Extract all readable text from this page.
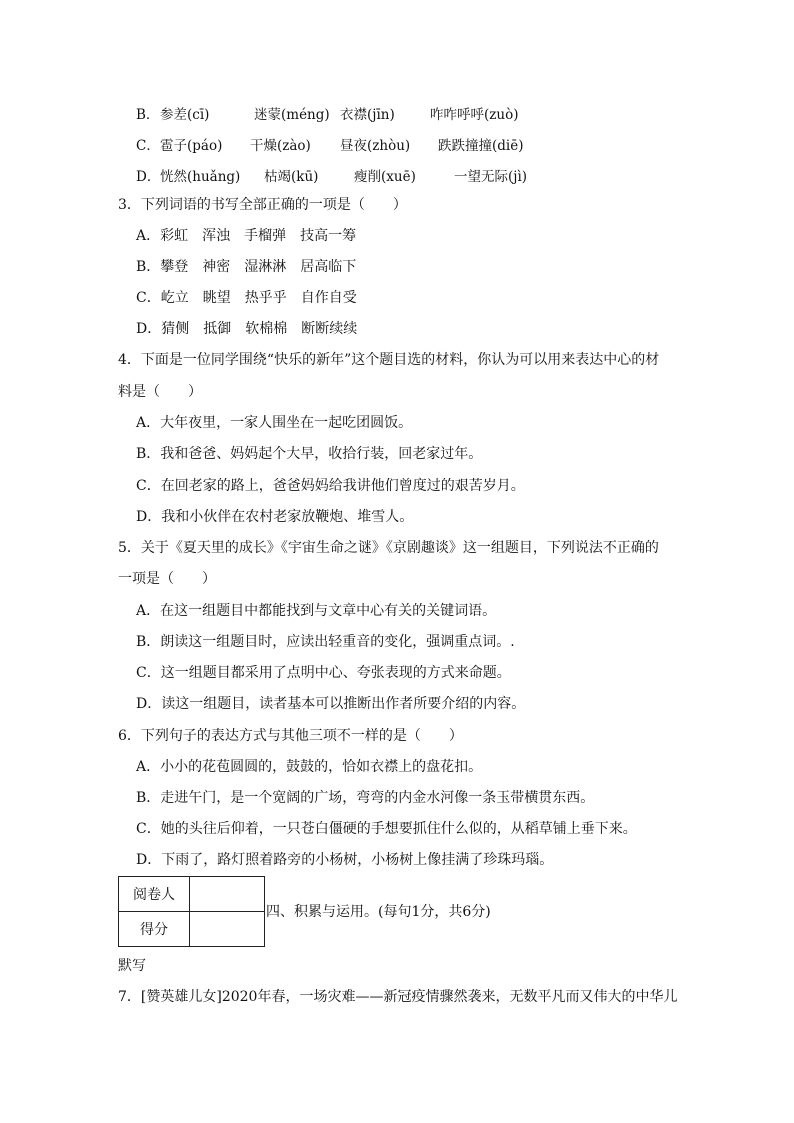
B． 参差(cī)	迷蒙(méng) 衣襟(jīn)	咋咋呼呼(zuò)
C． 雹子(páo) 干燥(zào) 昼夜(zhòu) 跌跌撞撞(diē)
D． 恍然(huǎng) 枯竭(kū)	瘦削(xuē)	一望无际(jì)
3．下列词语的书写全部正确的一项是（　　）
A．彩虹　浑浊　手榴弹　技高一筹
B．攀登　神密　湿淋淋　居高临下
C．屹立　眺望　热乎乎　自作自受
D．猜侧　抵御　软棉棉　断断续续
4．下面是一位同学围绕“快乐的新年”这个题目选的材料，你认为可以用来表达中心的材
料是（　　）
A．大年夜里，一家人围坐在一起吃团圆饭。
B．我和爸爸、妈妈起个大早，收拾行装，回老家过年。
C．在回老家的路上，爸爸妈妈给我讲他们曾度过的艰苦岁月。
D．我和小伙伴在农村老家放鞭炮、堆雪人。
5．关于《夏天里的成长》《宇宙生命之谜》《京剧趣谈》这一组题目，下列说法不正确的
一项是（　　）
A．在这一组题目中都能找到与文章中心有关的关键词语。
B．朗读这一组题目时，应读出轻重音的变化，强调重点词。.
C．这一组题目都采用了点明中心、夸张表现的方式来命题。
D．读这一组题目，读者基本可以推断出作者所要介绍的内容。
6．下列句子的表达方式与其他三项不一样的是（　　）
A．小小的花苞圆圆的，鼓鼓的，恰如衣襟上的盘花扣。
B．走进午门，是一个宽阔的广场，弯弯的内金水河像一条玉带横贯东西。
C．她的头往后仰着，一只苍白僵硬的手想要抓住什么似的，从稻草铺上垂下来。
D．下雨了，路灯照着路旁的小杨树，小杨树上像挂满了珍珠玛瑙。
阅卷人	
得分	
四、积累与运用。(每句1分，共6分)
默写
7．[赞英雄儿女]2020年春，一场灾难——新冠疫情骤然袭来，无数平凡而又伟大的中华儿
